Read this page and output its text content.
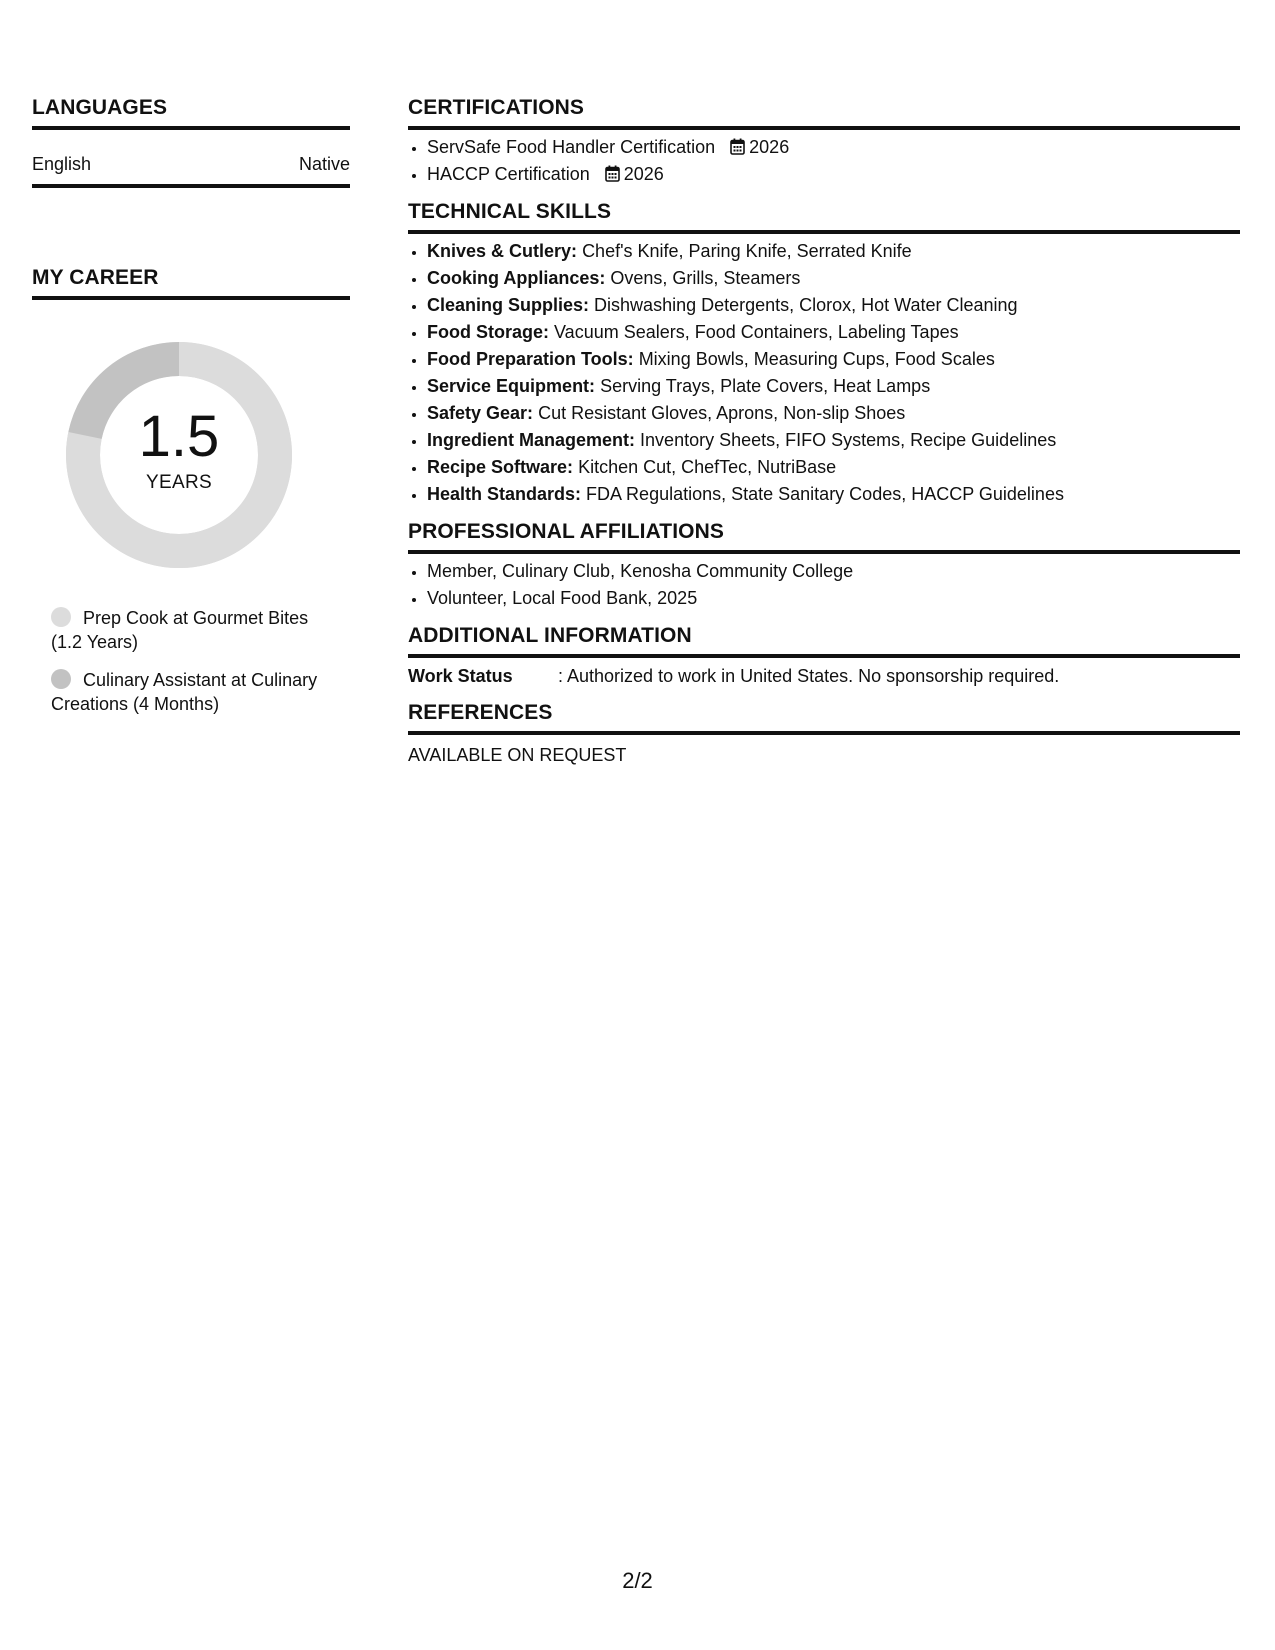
LANGUAGES
English	Native
MY CAREER
1.5
YEARS
Prep Cook at Gourmet Bites (1.2 Years)
Culinary Assistant at Culinary Creations (4 Months)
CERTIFICATIONS
• ServSafe Food Handler Certification 2026
• HACCP Certification 2026
TECHNICAL SKILLS
• Knives & Cutlery: Chef's Knife, Paring Knife, Serrated Knife
• Cooking Appliances: Ovens, Grills, Steamers
• Cleaning Supplies: Dishwashing Detergents, Clorox, Hot Water Cleaning
• Food Storage: Vacuum Sealers, Food Containers, Labeling Tapes
• Food Preparation Tools: Mixing Bowls, Measuring Cups, Food Scales
• Service Equipment: Serving Trays, Plate Covers, Heat Lamps
• Safety Gear: Cut Resistant Gloves, Aprons, Non-slip Shoes
• Ingredient Management: Inventory Sheets, FIFO Systems, Recipe Guidelines
• Recipe Software: Kitchen Cut, ChefTec, NutriBase
• Health Standards: FDA Regulations, State Sanitary Codes, HACCP Guidelines
PROFESSIONAL AFFILIATIONS
• Member, Culinary Club, Kenosha Community College
• Volunteer, Local Food Bank, 2025
ADDITIONAL INFORMATION
Work Status	: Authorized to work in United States. No sponsorship required.
REFERENCES
AVAILABLE ON REQUEST
2/2
